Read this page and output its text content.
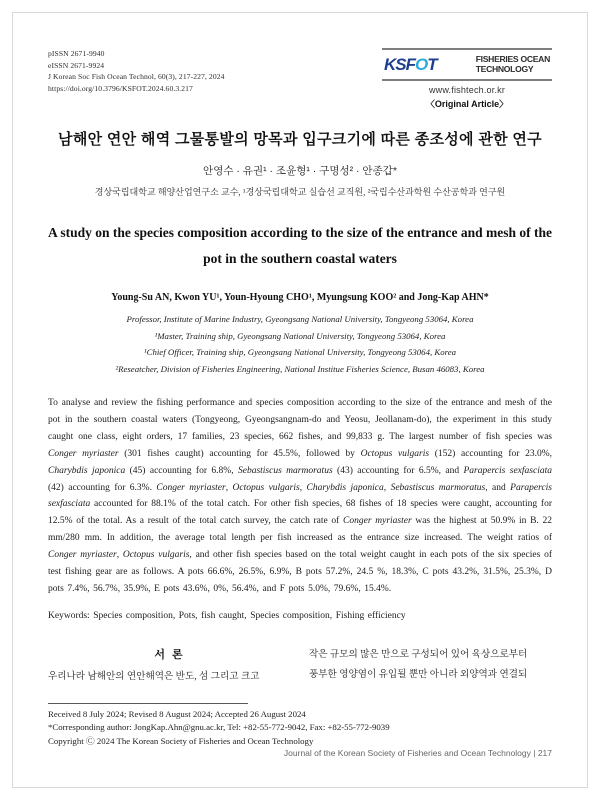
pISSN 2671-9940
eISSN 2671-9924
J Korean Soc Fish Ocean Technol, 60(3), 217-227, 2024
https://doi.org/10.3796/KSFOT.2024.60.3.217
KSFOT	FISHERIES OCEAN
TECHNOLOGY
www.fishtech.or.kr
〈Original Article〉
남해안 연안 해역 그물통발의 망목과 입구크기에 따른 종조성에 관한 연구
안영수 · 유권¹ · 조윤형¹ · 구명성² · 안종갑*
경상국립대학교 해양산업연구소 교수, ¹경상국립대학교 실습선 교직원, ²국립수산과학원 수산공학과 연구원
A study on the species composition according to the size of the entrance and mesh of the pot in the southern coastal waters
Young-Su AN, Kwon YU¹, Youn-Hyoung CHO¹, Myungsung KOO² and Jong-Kap AHN*
Professor, Institute of Marine Industry, Gyeongsang National University, Tongyeong 53064, Korea
¹Master, Training ship, Gyeongsang National University, Tongyeong 53064, Korea
¹Chief Officer, Training ship, Gyeongsang National University, Tongyeong 53064, Korea
²Reseatcher, Division of Fisheries Engineering, National Institue Fisheries Science, Busan 46083, Korea
To analyse and review the fishing performance and species composition according to the size of the entrance and mesh of the pot in the southern coastal waters (Tongyeong, Gyeongsangnam-do and Yeosu, Jeollanam-do), the experiment in this study caught one class, eight orders, 17 families, 23 species, 662 fishes, and 99,833 g. The largest number of fish species was Conger myriaster (301 fishes caught) accounting for 45.5%, followed by Octopus vulgaris (152) accounting for 23.0%, Charybdis japonica (45) accounting for 6.8%, Sebastiscus marmoratus (43) accounting for 6.5%, and Parapercis sexfasciata (42) accounting for 6.3%. Conger myriaster, Octopus vulgaris, Charybdis japonica, Sebastiscus marmoratus, and Parapercis sexfasciata accounted for 88.1% of the total catch. For other fish species, 68 fishes of 18 species were caught, accounting for 12.5% of the total. As a result of the total catch survey, the catch rate of Conger myriaster was the highest at 50.9% in B. 22 mm/280 mm. In addition, the average total length per fish increased as the entrance size increased. The weight ratios of Conger myriaster, Octopus vulgaris, and other fish species based on the total weight caught in each pots of the six species of test fishing gear are as follows. A pots 66.6%, 26.5%, 6.9%, B pots 57.2%, 24.5 %, 18.3%, C pots 43.2%, 31.5%, 25.3%, D pots 7.4%, 56.7%, 35.9%, E pots 43.6%, 0%, 56.4%, and F pots 5.0%, 79.6%, 15.4%.
Keywords: Species composition, Pots, fish caught, Species composition, Fishing efficiency
서 론
우리나라 남해안의 연안해역은 반도, 섬 그리고 크고
작은 규모의 많은 만으로 구성되어 있어 육상으로부터
풍부한 영양염이 유입될 뿐만 아니라 외양역과 연결되
Received 8 July 2024; Revised 8 August 2024; Accepted 26 August 2024
*Corresponding author: JongKap.Ahn@gnu.ac.kr, Tel: +82-55-772-9042, Fax: +82-55-772-9039
Copyright Ⓒ 2024 The Korean Society of Fisheries and Ocean Technology
Journal of the Korean Society of Fisheries and Ocean Technology | 217
